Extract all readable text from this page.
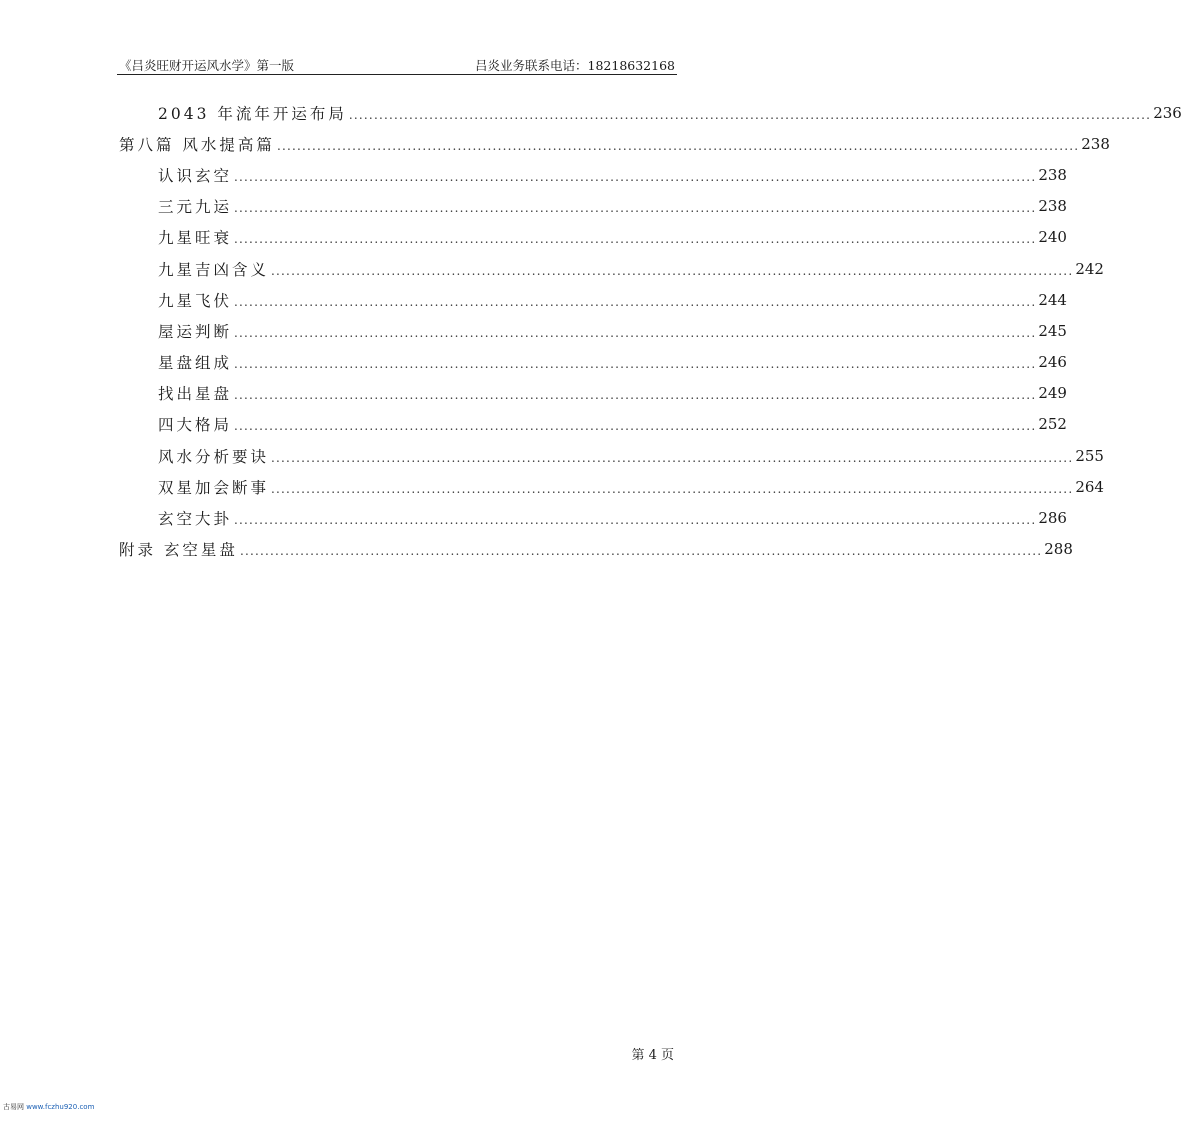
《吕炎旺财开运风水学》第一版	吕炎业务联系电话：18218632168
2043 年流年开运布局 ................................................................................................................................................................ 236
第八篇 风水提高篇 ................................................................................................................................................................ 238
认识玄空 ................................................................................................................................................................ 238
三元九运 ................................................................................................................................................................ 238
九星旺衰 ................................................................................................................................................................ 240
九星吉凶含义 ................................................................................................................................................................ 242
九星飞伏 ................................................................................................................................................................ 244
屋运判断 ................................................................................................................................................................ 245
星盘组成 ................................................................................................................................................................ 246
找出星盘 ................................................................................................................................................................ 249
四大格局 ................................................................................................................................................................ 252
风水分析要诀 ................................................................................................................................................................ 255
双星加会断事 ................................................................................................................................................................ 264
玄空大卦 ................................................................................................................................................................ 286
附录 玄空星盘 ................................................................................................................................................................ 288
第 4 页
古易网 www.fczhu920.com
